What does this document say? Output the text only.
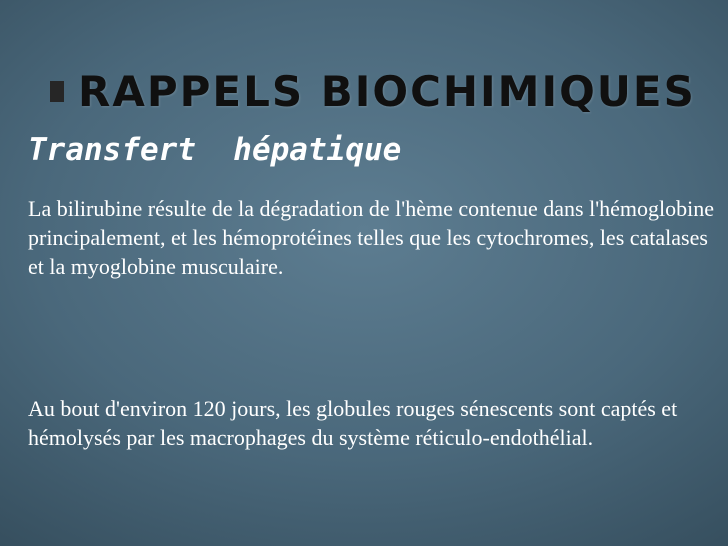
RAPPELS BIOCHIMIQUES
Transfert  hépatique

La bilirubine résulte de la dégradation de l'hème contenue dans l'hémoglobine principalement, et les hémoprotéines telles que les cytochromes, les catalases et la myoglobine musculaire.

Au bout d'environ 120 jours, les globules rouges sénescents sont captés et hémolysés par les macrophages du système réticulo-endothélial.
